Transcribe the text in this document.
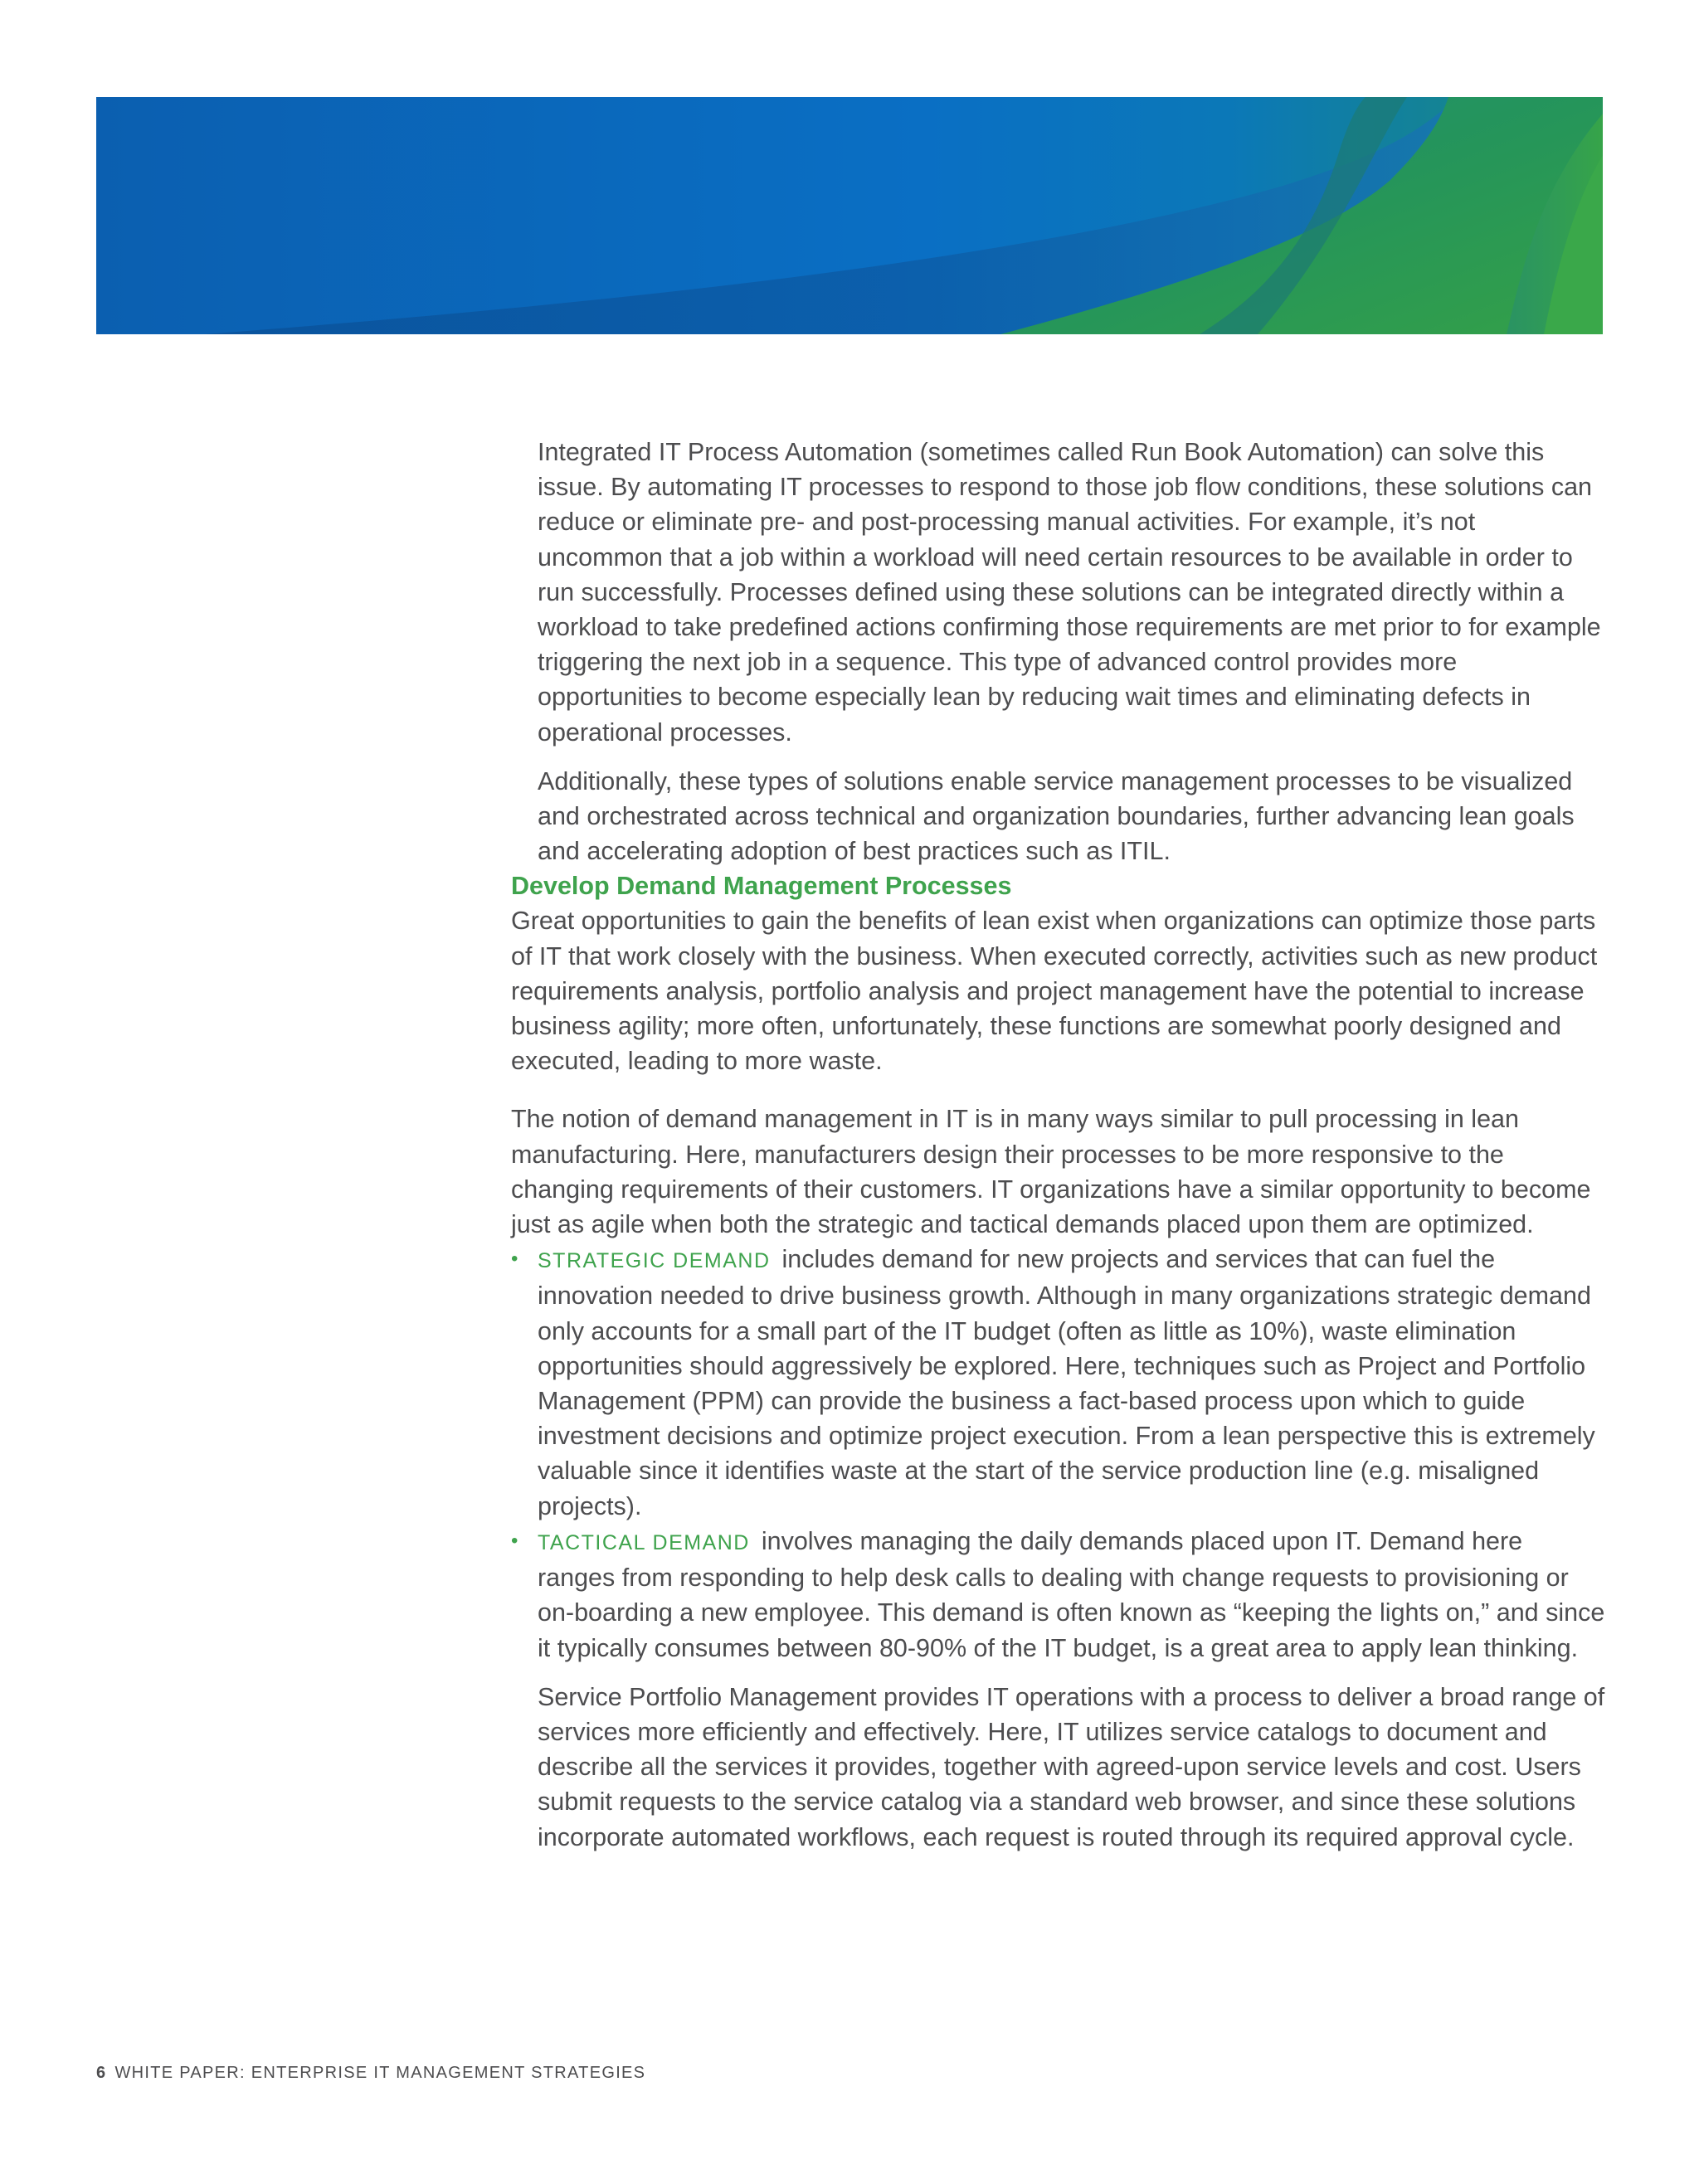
Integrated IT Process Automation (sometimes called Run Book Automation) can solve this issue. By automating IT processes to respond to those job flow conditions, these solutions can reduce or eliminate pre- and post-processing manual activities. For example, it’s not uncommon that a job within a workload will need certain resources to be available in order to run successfully. Processes defined using these solutions can be integrated directly within a workload to take predefined actions confirming those requirements are met prior to for example triggering the next job in a sequence. This type of advanced control provides more opportunities to become especially lean by reducing wait times and eliminating defects in operational processes.

Additionally, these types of solutions enable service management processes to be visualized and orchestrated across technical and organization boundaries, further advancing lean goals and accelerating adoption of best practices such as ITIL.

Develop Demand Management Processes

Great opportunities to gain the benefits of lean exist when organizations can optimize those parts of IT that work closely with the business. When executed correctly, activities such as new product requirements analysis, portfolio analysis and project management have the potential to increase business agility; more often, unfortunately, these functions are somewhat poorly designed and executed, leading to more waste.

The notion of demand management in IT is in many ways similar to pull processing in lean manufacturing. Here, manufacturers design their processes to be more responsive to the changing requirements of their customers. IT organizations have a similar opportunity to become just as agile when both the strategic and tactical demands placed upon them are optimized.

• STRATEGIC DEMAND includes demand for new projects and services that can fuel the innovation needed to drive business growth. Although in many organizations strategic demand only accounts for a small part of the IT budget (often as little as 10%), waste elimination opportunities should aggressively be explored. Here, techniques such as Project and Portfolio Management (PPM) can provide the business a fact-based process upon which to guide investment decisions and optimize project execution. From a lean perspective this is extremely valuable since it identifies waste at the start of the service production line (e.g. misaligned projects).
• TACTICAL DEMAND involves managing the daily demands placed upon IT. Demand here ranges from responding to help desk calls to dealing with change requests to provisioning or on-boarding a new employee. This demand is often known as “keeping the lights on,” and since it typically consumes between 80-90% of the IT budget, is a great area to apply lean thinking.

Service Portfolio Management provides IT operations with a process to deliver a broad range of services more efficiently and effectively. Here, IT utilizes service catalogs to document and describe all the services it provides, together with agreed-upon service levels and cost. Users submit requests to the service catalog via a standard web browser, and since these solutions incorporate automated workflows, each request is routed through its required approval cycle.

6 WHITE PAPER: ENTERPRISE IT MANAGEMENT STRATEGIES
